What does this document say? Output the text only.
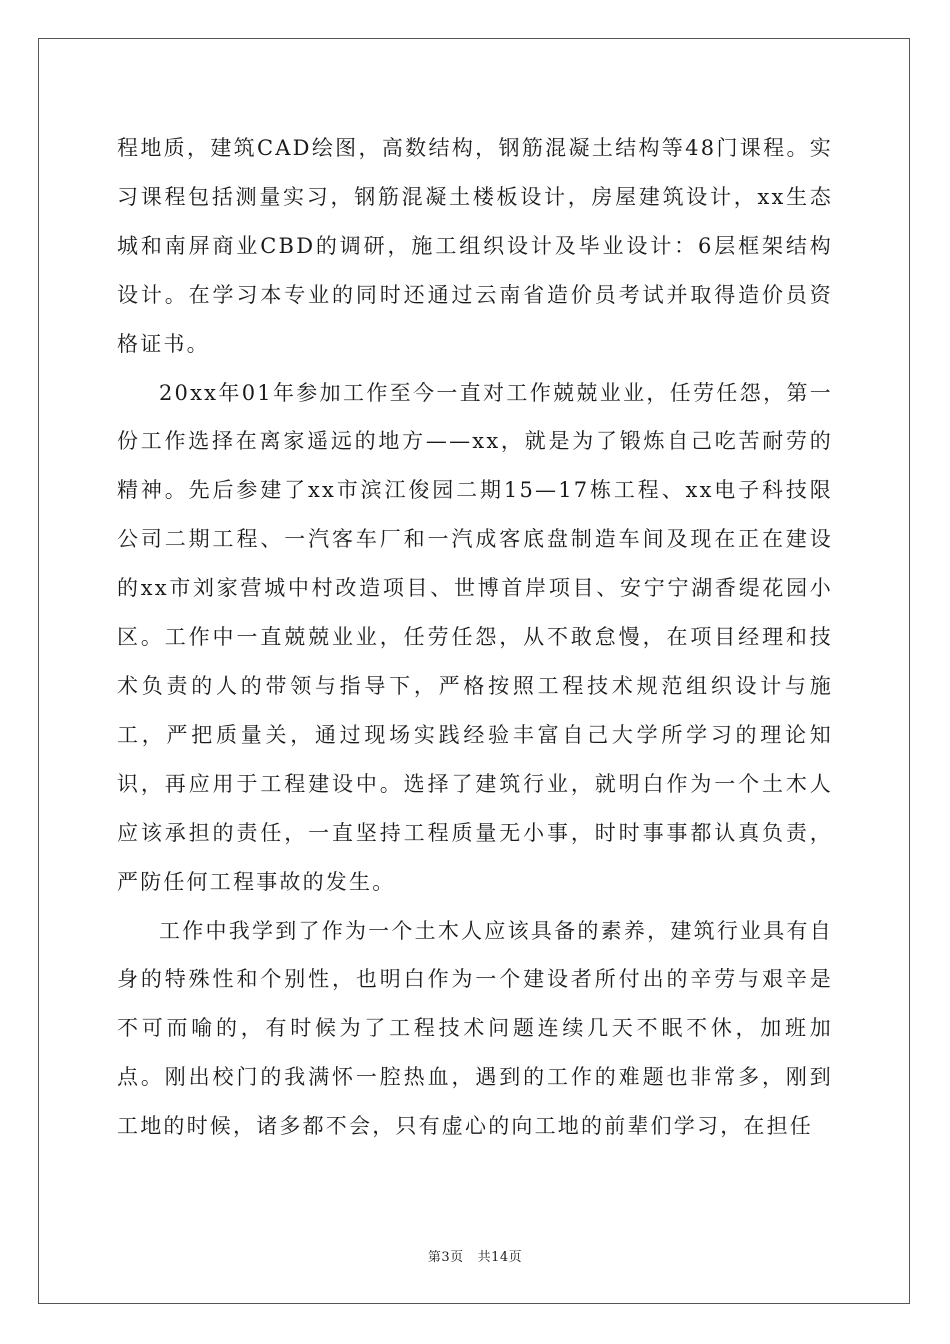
程地质，建筑CAD绘图，高数结构，钢筋混凝土结构等48门课程。实习课程包括测量实习，钢筋混凝土楼板设计，房屋建筑设计，xx生态城和南屏商业CBD的调研，施工组织设计及毕业设计：6层框架结构设计。在学习本专业的同时还通过云南省造价员考试并取得造价员资格证书。

20xx年01年参加工作至今一直对工作兢兢业业，任劳任怨，第一份工作选择在离家遥远的地方——xx，就是为了锻炼自己吃苦耐劳的精神。先后参建了xx市滨江俊园二期15—17栋工程、xx电子科技限公司二期工程、一汽客车厂和一汽成客底盘制造车间及现在正在建设的xx市刘家营城中村改造项目、世博首岸项目、安宁宁湖香缇花园小区。工作中一直兢兢业业，任劳任怨，从不敢怠慢，在项目经理和技术负责的人的带领与指导下，严格按照工程技术规范组织设计与施工，严把质量关，通过现场实践经验丰富自己大学所学习的理论知识，再应用于工程建设中。选择了建筑行业，就明白作为一个土木人应该承担的责任，一直坚持工程质量无小事，时时事事都认真负责，严防任何工程事故的发生。

工作中我学到了作为一个土木人应该具备的素养，建筑行业具有自身的特殊性和个别性，也明白作为一个建设者所付出的辛劳与艰辛是不可而喻的，有时候为了工程技术问题连续几天不眠不休，加班加点。刚出校门的我满怀一腔热血，遇到的工作的难题也非常多，刚到工地的时候，诸多都不会，只有虚心的向工地的前辈们学习，在担任

第3页 共14页
